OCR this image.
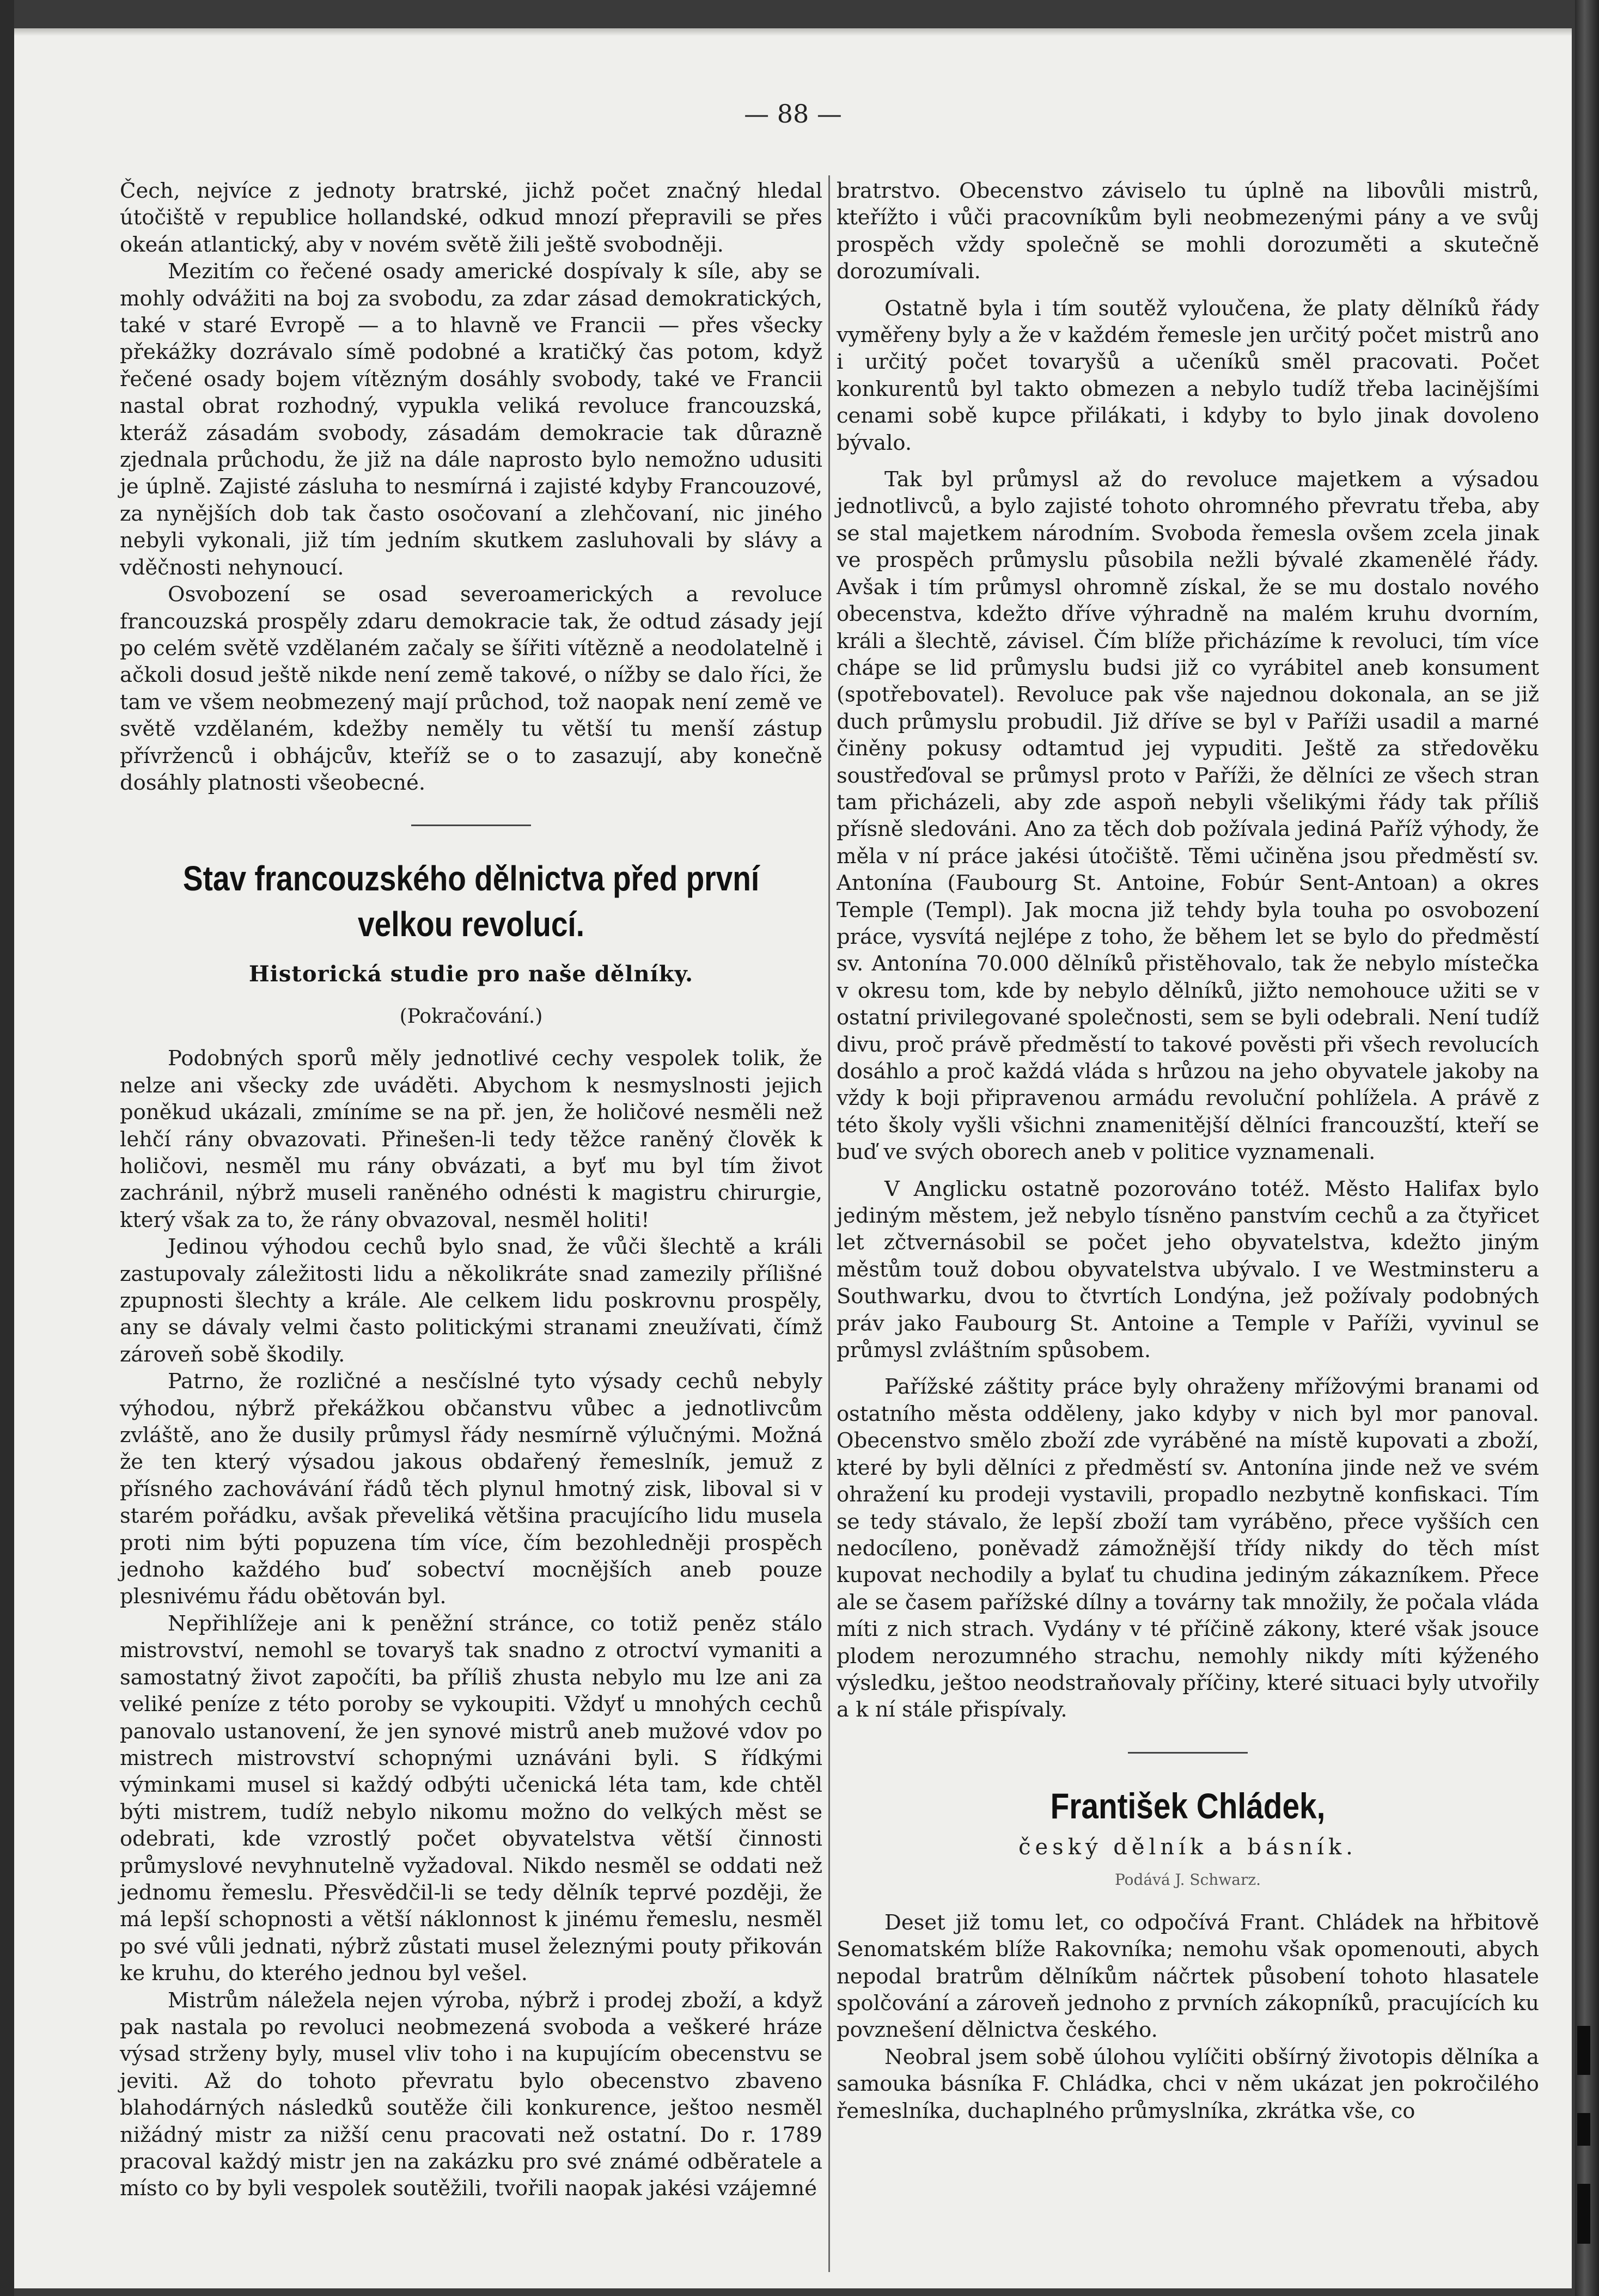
— 88 —

Čech, nejvíce z jednoty bratrské, jichž počet značný hledal útočiště v republice hollandské, odkud mnozí přepravili se přes okeán atlantický, aby v novém světě žili ještě svobodněji.

Mezitím co řečené osady americké dospívaly k síle, aby se mohly odvážiti na boj za svobodu, za zdar zásad demokratických, také v staré Evropě — a to hlavně ve Francii — přes všecky překážky dozrávalo símě podobné a kratičký čas potom, když řečené osady bojem vítězným dosáhly svobody, také ve Francii nastal obrat rozhodný, vypukla veliká revoluce francouzská, kteráž zásadám svobody, zásadám demokracie tak důrazně zjednala průchodu, že již na dále naprosto bylo nemožno udusiti je úplně. Zajisté zásluha to nesmírná i zajisté kdyby Francouzové, za nynějších dob tak často osočovaní a zlehčovaní, nic jiného nebyli vykonali, již tím jedním skutkem zasluhovali by slávy a vděčnosti nehynoucí.

Osvobození se osad severoamerických a revoluce francouzská prospěly zdaru demokracie tak, že odtud zásady její po celém světě vzdělaném začaly se šířiti vítězně a neodolatelně i ačkoli dosud ještě nikde není země takové, o nížby se dalo říci, že tam ve všem neobmezený mají průchod, tož naopak není země ve světě vzdělaném, kdežby neměly tu větší tu menší zástup přívrženců i obhájcův, kteříž se o to zasazují, aby konečně dosáhly platnosti všeobecné.

Stav francouzského dělnictva před první velkou revolucí.
Historická studie pro naše dělníky.
(Pokračování.)

Podobných sporů měly jednotlivé cechy vespolek tolik, že nelze ani všecky zde uváděti. Abychom k nesmyslnosti jejich poněkud ukázali, zmíníme se na př. jen, že holičové nesměli než lehčí rány obvazovati. Přinešen-li tedy těžce raněný člověk k holičovi, nesměl mu rány obvázati, a byť mu byl tím život zachránil, nýbrž museli raněného odnésti k magistru chirurgie, který však za to, že rány obvazoval, nesměl holiti!

Jedinou výhodou cechů bylo snad, že vůči šlechtě a králi zastupovaly záležitosti lidu a několikráte snad zamezily přílišné zpupnosti šlechty a krále. Ale celkem lidu poskrovnu prospěly, any se dávaly velmi často politickými stranami zneužívati, čímž zároveň sobě škodily.

Patrno, že rozličné a nesčíslné tyto výsady cechů nebyly výhodou, nýbrž překážkou občanstvu vůbec a jednotlivcům zvláště, ano že dusily průmysl řády nesmírně výlučnými. Možná že ten který výsadou jakous obdařený řemeslník, jemuž z přísného zachovávání řádů těch plynul hmotný zisk, liboval si v starém pořádku, avšak převeliká většina pracujícího lidu musela proti nim býti popuzena tím více, čím bezohledněji prospěch jednoho každého buď sobectví mocnějších aneb pouze plesnivému řádu obětován byl.

Nepřihlížeje ani k peněžní stránce, co totiž peněz stálo mistrovství, nemohl se tovaryš tak snadno z otroctví vymaniti a samostatný život započíti, ba příliš zhusta nebylo mu lze ani za veliké peníze z této poroby se vykoupiti. Vždyť u mnohých cechů panovalo ustanovení, že jen synové mistrů aneb mužové vdov po mistrech mistrovství schopnými uznáváni byli. S řídkými výminkami musel si každý odbýti učenická léta tam, kde chtěl býti mistrem, tudíž nebylo nikomu možno do velkých měst se odebrati, kde vzrostlý počet obyvatelstva větší činnosti průmyslové nevyhnutelně vyžadoval. Nikdo nesměl se oddati než jednomu řemeslu. Přesvědčil-li se tedy dělník teprvé později, že má lepší schopnosti a větší náklonnost k jinému řemeslu, nesměl po své vůli jednati, nýbrž zůstati musel železnými pouty přikován ke kruhu, do kterého jednou byl vešel.

Mistrům náležela nejen výroba, nýbrž i prodej zboží, a když pak nastala po revoluci neobmezená svoboda a veškeré hráze výsad strženy byly, musel vliv toho i na kupujícím obecenstvu se jeviti. Až do tohoto převratu bylo obecenstvo zbaveno blahodárných následků soutěže čili konkurence, ještoo nesměl nižádný mistr za nižší cenu pracovati než ostatní. Do r. 1789 pracoval každý mistr jen na zakázku pro své známé odběratele a místo co by byli vespolek soutěžili, tvořili naopak jakési vzájemné

bratrstvo. Obecenstvo záviselo tu úplně na libovůli mistrů, kteřížto i vůči pracovníkům byli neobmezenými pány a ve svůj prospěch vždy společně se mohli dorozuměti a skutečně dorozumívali.

Ostatně byla i tím soutěž vyloučena, že platy dělníků řády vyměřeny byly a že v každém řemesle jen určitý počet mistrů ano i určitý počet tovaryšů a učeníků směl pracovati. Počet konkurentů byl takto obmezen a nebylo tudíž třeba lacinějšími cenami sobě kupce přilákati, i kdyby to bylo jinak dovoleno bývalo.

Tak byl průmysl až do revoluce majetkem a výsadou jednotlivců, a bylo zajisté tohoto ohromného převratu třeba, aby se stal majetkem národním. Svoboda řemesla ovšem zcela jinak ve prospěch průmyslu působila nežli bývalé zkamenělé řády. Avšak i tím průmysl ohromně získal, že se mu dostalo nového obecenstva, kdežto dříve výhradně na malém kruhu dvorním, králi a šlechtě, závisel. Čím blíže přicházíme k revoluci, tím více chápe se lid průmyslu budsi již co vyrábitel aneb konsument (spotřebovatel). Revoluce pak vše najednou dokonala, an se již duch průmyslu probudil. Již dříve se byl v Paříži usadil a marné činěny pokusy odtamtud jej vypuditi. Ještě za středověku soustřeďoval se průmysl proto v Paříži, že dělníci ze všech stran tam přicházeli, aby zde aspoň nebyli všelikými řády tak příliš přísně sledováni. Ano za těch dob požívala jediná Paříž výhody, že měla v ní práce jakési útočiště. Těmi učiněna jsou předměstí sv. Antonína (Faubourg St. Antoine, Fobúr Sent-Antoan) a okres Temple (Templ). Jak mocna již tehdy byla touha po osvobození práce, vysvítá nejlépe z toho, že během let se bylo do předměstí sv. Antonína 70.000 dělníků přistěhovalo, tak že nebylo místečka v okresu tom, kde by nebylo dělníků, jižto nemohouce užiti se v ostatní privilegované společnosti, sem se byli odebrali. Není tudíž divu, proč právě předměstí to takové pověsti při všech revolucích dosáhlo a proč každá vláda s hrůzou na jeho obyvatele jakoby na vždy k boji připravenou armádu revoluční pohlížela. A právě z této školy vyšli všichni znamenitější dělníci francouzští, kteří se buď ve svých oborech aneb v politice vyznamenali.

V Anglicku ostatně pozorováno totéž. Město Halifax bylo jediným městem, jež nebylo tísněno panstvím cechů a za čtyřicet let zčtvernásobil se počet jeho obyvatelstva, kdežto jiným městům touž dobou obyvatelstva ubývalo. I ve Westminsteru a Southwarku, dvou to čtvrtích Londýna, jež požívaly podobných práv jako Faubourg St. Antoine a Temple v Paříži, vyvinul se průmysl zvláštním spůsobem.

Pařížské záštity práce byly ohraženy mřížovými branami od ostatního města odděleny, jako kdyby v nich byl mor panoval. Obecenstvo smělo zboží zde vyráběné na místě kupovati a zboží, které by byli dělníci z předměstí sv. Antonína jinde než ve svém ohražení ku prodeji vystavili, propadlo nezbytně konfiskaci. Tím se tedy stávalo, že lepší zboží tam vyráběno, přece vyšších cen nedocíleno, poněvadž zámožnější třídy nikdy do těch míst kupovat nechodily a bylať tu chudina jediným zákazníkem. Přece ale se časem pařížské dílny a továrny tak množily, že počala vláda míti z nich strach. Vydány v té příčině zákony, které však jsouce plodem nerozumného strachu, nemohly nikdy míti kýženého výsledku, ještoo neodstraňovaly příčiny, které situaci byly utvořily a k ní stále přispívaly.

František Chládek,
český dělník a básník.
Podává J. Schwarz.

Deset již tomu let, co odpočívá Frant. Chládek na hřbitově Senomatském blíže Rakovníka; nemohu však opomenouti, abych nepodal bratrům dělníkům náčrtek působení tohoto hlasatele spolčování a zároveň jednoho z prvních zákopníků, pracujících ku povznešení dělnictva českého.

Neobral jsem sobě úlohou vylíčiti obšírný životopis dělníka a samouka básníka F. Chládka, chci v něm ukázat jen pokročilého řemeslníka, duchaplného průmyslníka, zkrátka vše, co
